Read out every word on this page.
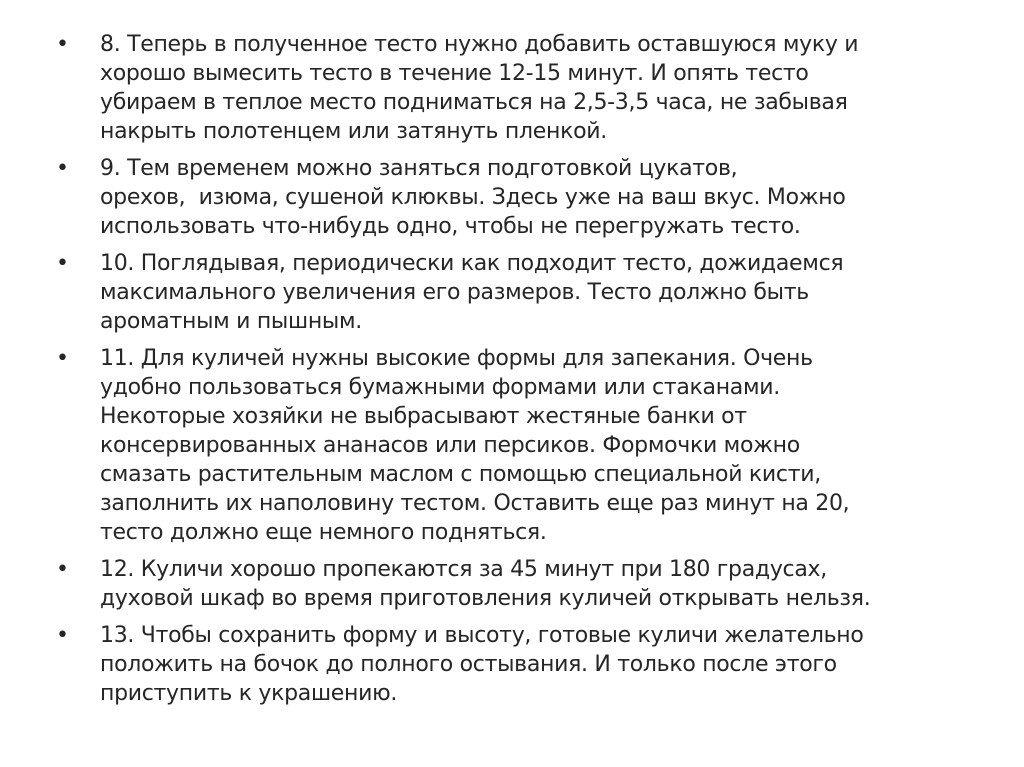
•	8. Теперь в полученное тесто нужно добавить оставшуюся муку и
хорошо вымесить тесто в течение 12-15 минут. И опять тесто
убираем в теплое место подниматься на 2,5-3,5 часа, не забывая
накрыть полотенцем или затянуть пленкой.
•	9. Тем временем можно заняться подготовкой цукатов,
орехов,  изюма, сушеной клюквы. Здесь уже на ваш вкус. Можно
использовать что-нибудь одно, чтобы не перегружать тесто.
•	10. Поглядывая, периодически как подходит тесто, дожидаемся
максимального увеличения его размеров. Тесто должно быть
ароматным и пышным.
•	11. Для куличей нужны высокие формы для запекания. Очень
удобно пользоваться бумажными формами или стаканами.
Некоторые хозяйки не выбрасывают жестяные банки от
консервированных ананасов или персиков. Формочки можно
смазать растительным маслом с помощью специальной кисти,
заполнить их наполовину тестом. Оставить еще раз минут на 20,
тесто должно еще немного подняться.
•	12. Куличи хорошо пропекаются за 45 минут при 180 градусах,
духовой шкаф во время приготовления куличей открывать нельзя.
•	13. Чтобы сохранить форму и высоту, готовые куличи желательно
положить на бочок до полного остывания. И только после этого
приступить к украшению.
